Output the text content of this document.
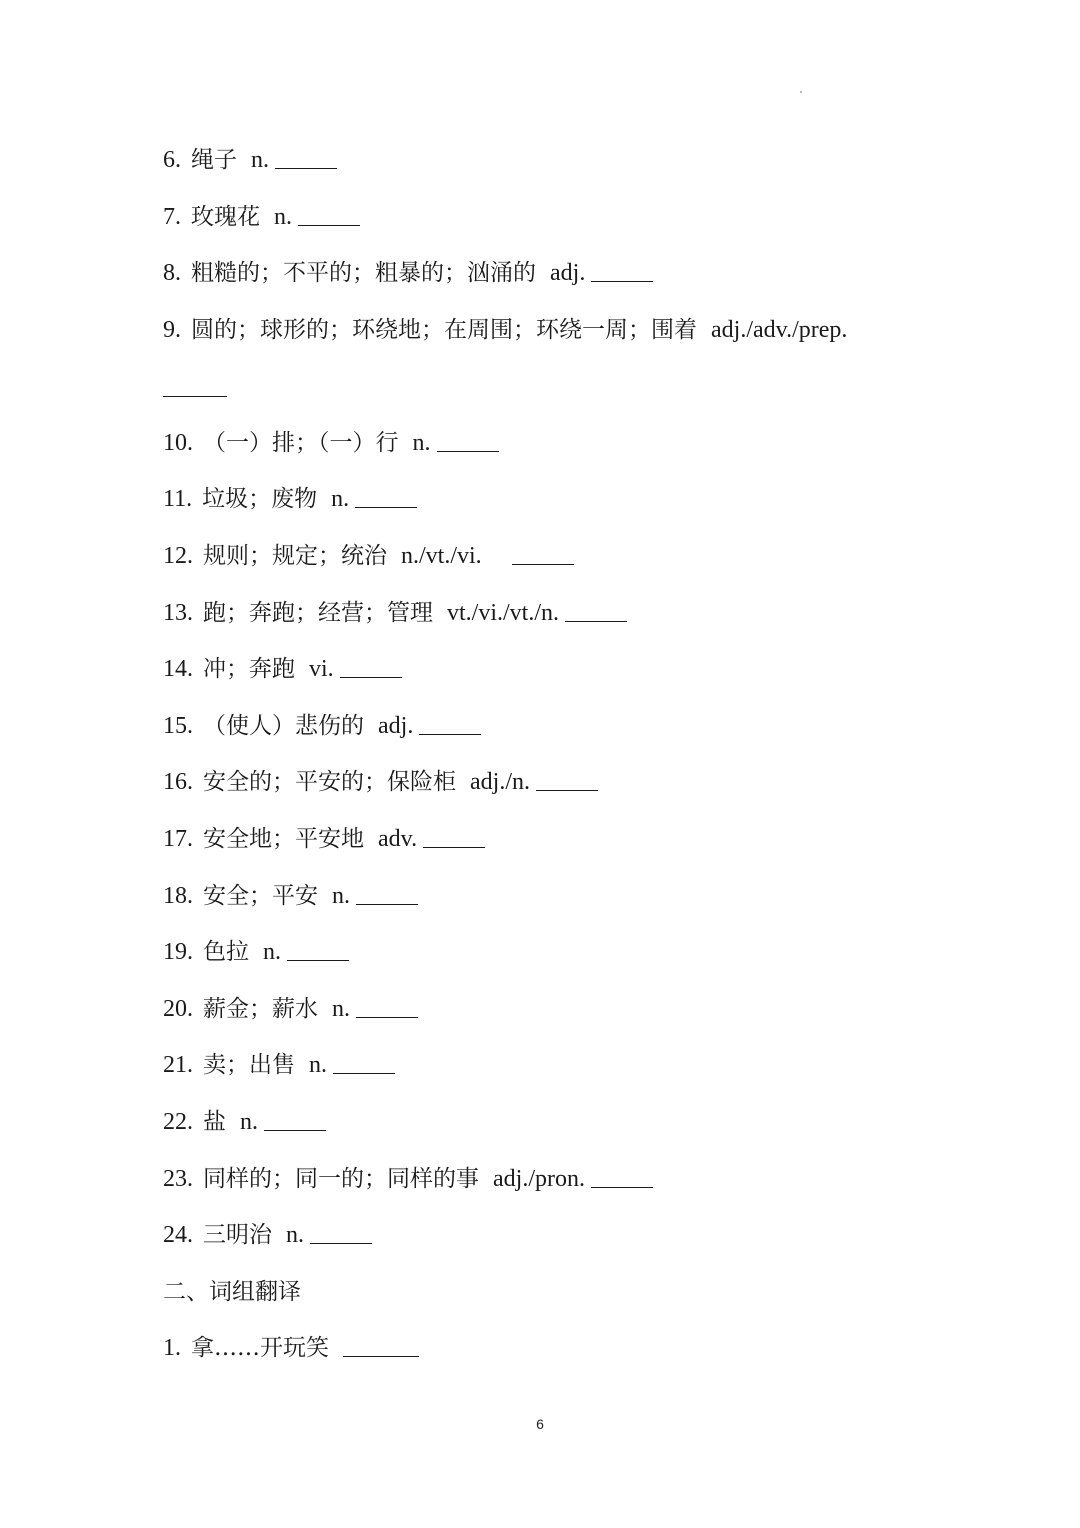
6. 绳子 n.
7. 玫瑰花 n.
8. 粗糙的；不平的；粗暴的；汹涌的 adj.
9. 圆的；球形的；环绕地；在周围；环绕一周；围着 adj./adv./prep.
10. （一）排；（一）行 n.
11. 垃圾；废物 n.
12. 规则；规定；统治 n./vt./vi.
13. 跑；奔跑；经营；管理 vt./vi./vt./n.
14. 冲；奔跑 vi.
15. （使人）悲伤的 adj.
16. 安全的；平安的；保险柜 adj./n.
17. 安全地；平安地 adv.
18. 安全；平安 n.
19. 色拉 n.
20. 薪金；薪水 n.
21. 卖；出售 n.
22. 盐 n.
23. 同样的；同一的；同样的事 adj./pron.
24. 三明治 n.
二、词组翻译
1. 拿……开玩笑
6
